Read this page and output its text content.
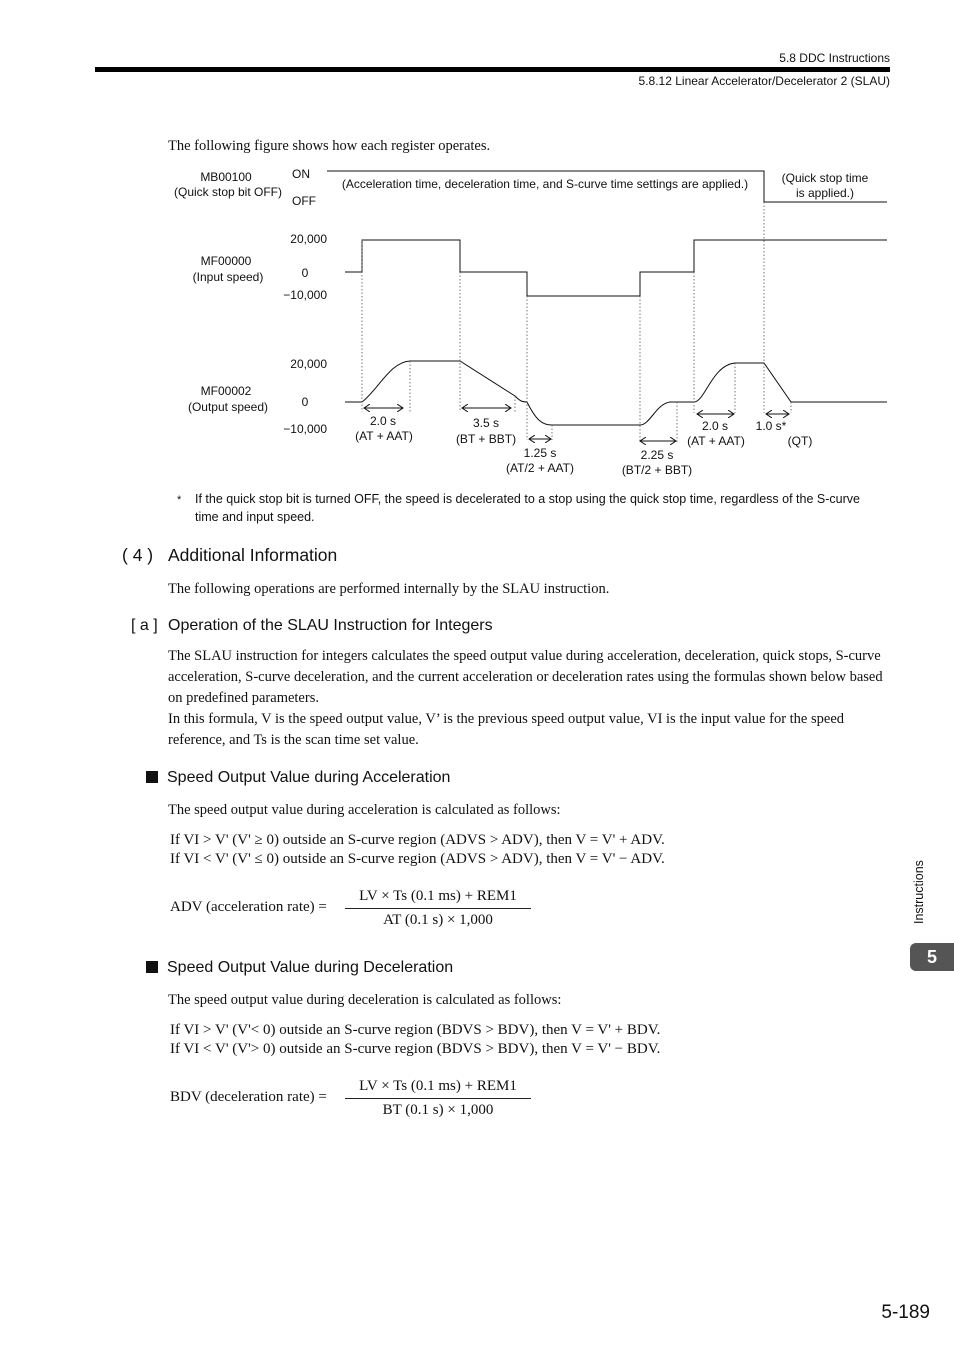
5.8 DDC Instructions
5.8.12 Linear Accelerator/Decelerator 2 (SLAU)
The following figure shows how each register operates.
MB00100
(Quick stop bit OFF)
ON
OFF
MF00000
(Input speed)
20,000
0
−10,000
MF00002
(Output speed)
20,000
0
−10,000
(Acceleration time, deceleration time, and S-curve time settings are applied.)	(Quick stop time
is applied.)
2.0 s
(AT + AAT)
3.5 s
(BT + BBT)
1.25 s
(AT/2 + AAT)
2.25 s
(BT/2 + BBT)
2.0 s
(AT + AAT)
1.0 s*
(QT)
* If the quick stop bit is turned OFF, the speed is decelerated to a stop using the quick stop time, regardless of the S-curve time and input speed.
( 4 ) Additional Information
The following operations are performed internally by the SLAU instruction.
[ a ] Operation of the SLAU Instruction for Integers
The SLAU instruction for integers calculates the speed output value during acceleration, deceleration, quick stops, S-curve acceleration, S-curve deceleration, and the current acceleration or deceleration rates using the formulas shown below based on predefined parameters.
In this formula, V is the speed output value, V’ is the previous speed output value, VI is the input value for the speed reference, and Ts is the scan time set value.
Speed Output Value during Acceleration
The speed output value during acceleration is calculated as follows:
If VI > V' (V' ≥ 0) outside an S-curve region (ADVS > ADV), then V = V' + ADV.
If VI < V' (V' ≤ 0) outside an S-curve region (ADVS > ADV), then V = V' − ADV.
ADV (acceleration rate) =
LV × Ts (0.1 ms) + REM1
AT (0.1 s) × 1,000
Speed Output Value during Deceleration
The speed output value during deceleration is calculated as follows:
If VI > V' (V'< 0) outside an S-curve region (BDVS > BDV), then V = V' + BDV.
If VI < V' (V'> 0) outside an S-curve region (BDVS > BDV), then V = V' − BDV.
BDV (deceleration rate) =
LV × Ts (0.1 ms) + REM1
BT (0.1 s) × 1,000
Instructions
5
5-189
